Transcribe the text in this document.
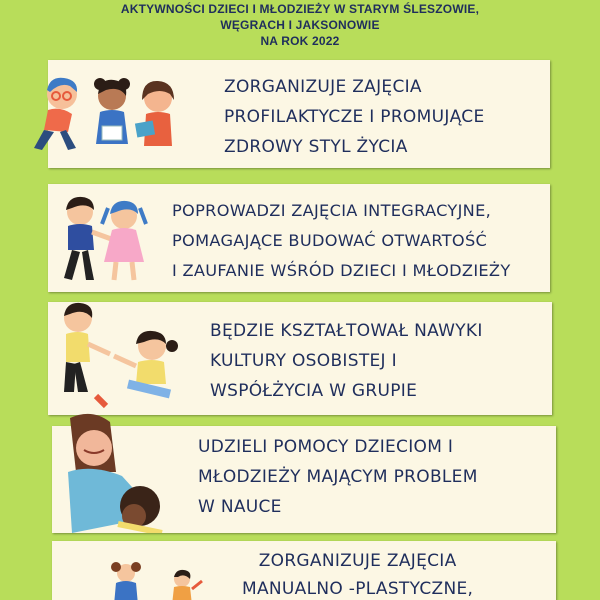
AKTYWNOŚCI DZIECI I MŁODZIEŻY W STARYM ŚLESZOWIE,
WĘGRACH I JAKSONOWIE
NA ROK 2022
ZORGANIZUJE ZAJĘCIA
PROFILAKTYCZE I PROMUJĄCE
ZDROWY STYL ŻYCIA
POPROWADZI ZAJĘCIA INTEGRACYJNE,
POMAGAJĄCE BUDOWAĆ OTWARTOŚĆ
I ZAUFANIE WŚRÓD DZIECI I MŁODZIEŻY
BĘDZIE KSZTAŁTOWAŁ NAWYKI
KULTURY OSOBISTEJ I
WSPÓŁŻYCIA W GRUPIE
UDZIELI POMOCY DZIECIOM I
MŁODZIEŻY MAJĄCYM PROBLEM
W NAUCE
ZORGANIZUJE ZAJĘCIA
MANUALNO -PLASTYCZNE,
